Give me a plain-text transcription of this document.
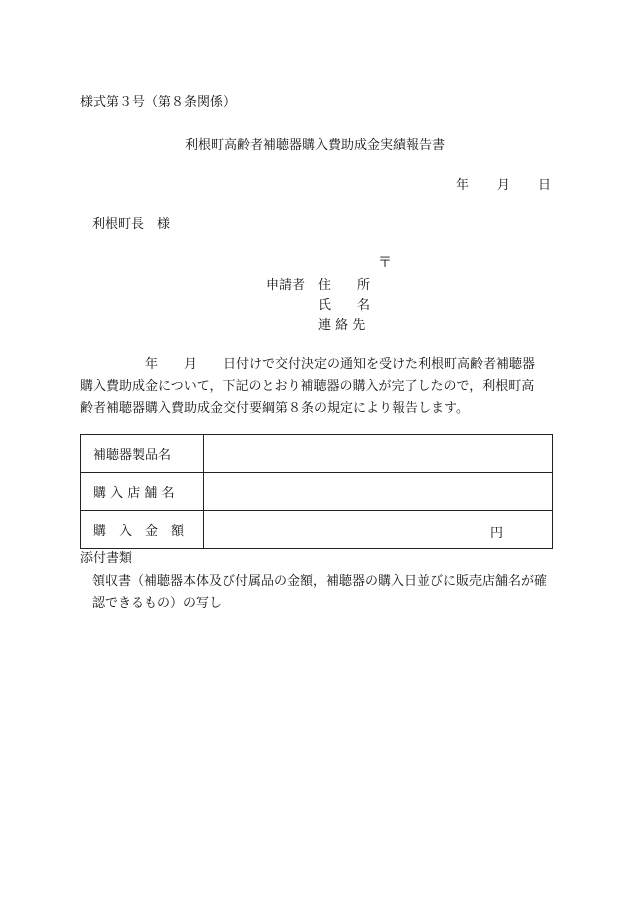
様式第３号（第８条関係）
利根町高齢者補聴器購入費助成金実績報告書
年 月 日
利根町長　様
〒
申請者 住　　所
氏　　名
連 絡 先
　　　　　年　　月　　日付けで交付決定の通知を受けた利根町高齢者補聴器
購入費助成金について，下記のとおり補聴器の購入が完了したので，利根町高
齢者補聴器購入費助成金交付要綱第８条の規定により報告します。
補聴器製品名	
購 入 店 舗 名	
購　入　金　額	円
添付書類
領収書（補聴器本体及び付属品の金額，補聴器の購入日並びに販売店舗名が確
認できるもの）の写し
